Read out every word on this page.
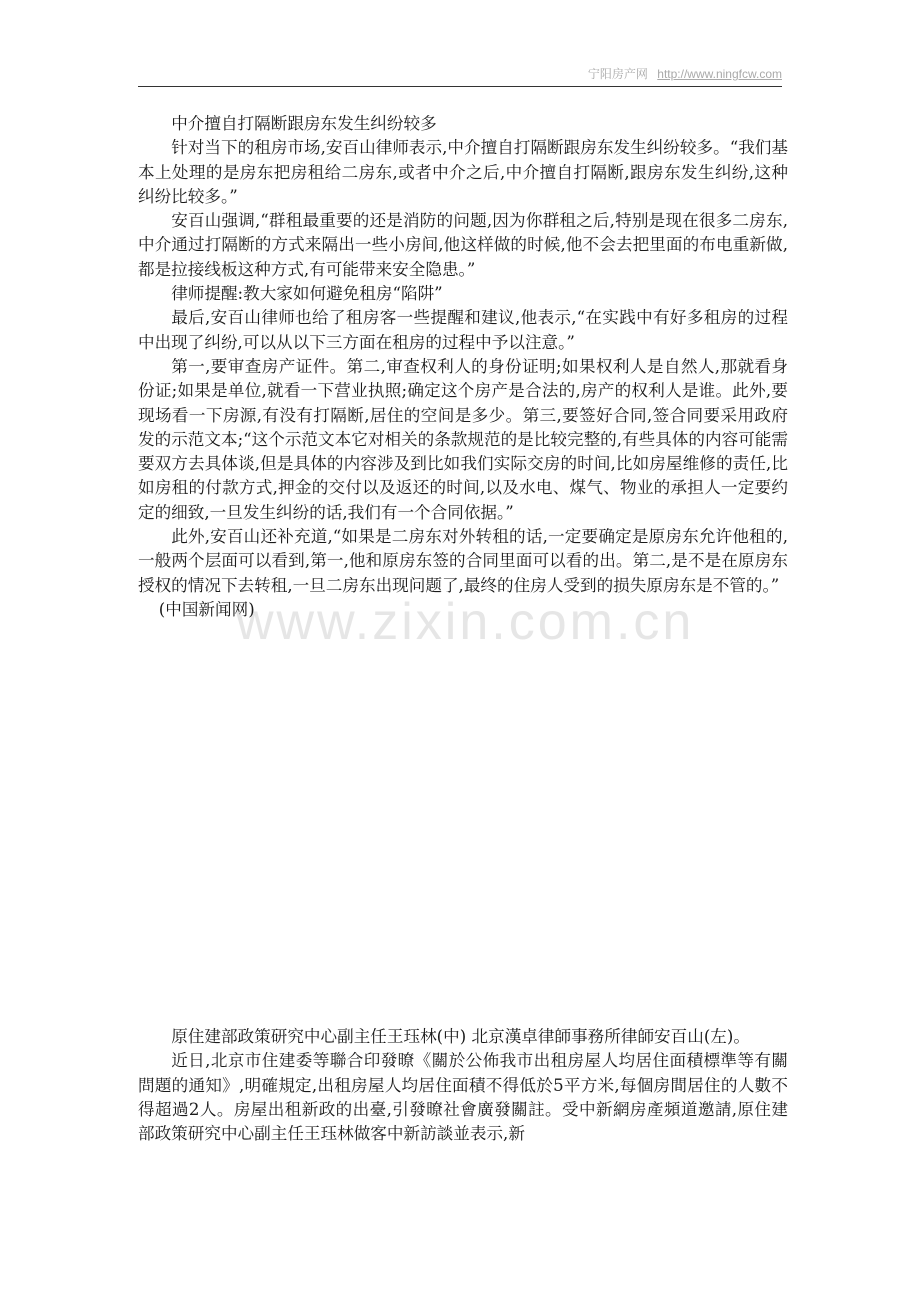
宁阳房产网 http://www.ningfcw.com
www.zixin.com.cn

中介擅自打隔断跟房东发生纠纷较多

针对当下的租房市场,安百山律师表示,中介擅自打隔断跟房东发生纠纷较多。“我们基本上处理的是房东把房租给二房东,或者中介之后,中介擅自打隔断,跟房东发生纠纷,这种纠纷比较多。”

安百山强调,“群租最重要的还是消防的问题,因为你群租之后,特别是现在很多二房东,中介通过打隔断的方式来隔出一些小房间,他这样做的时候,他不会去把里面的布电重新做,都是拉接线板这种方式,有可能带来安全隐患。”

律师提醒:教大家如何避免租房“陷阱”

最后,安百山律师也给了租房客一些提醒和建议,他表示,“在实践中有好多租房的过程中出现了纠纷,可以从以下三方面在租房的过程中予以注意。”

第一,要审查房产证件。第二,审查权利人的身份证明;如果权利人是自然人,那就看身份证;如果是单位,就看一下营业执照;确定这个房产是合法的,房产的权利人是谁。此外,要现场看一下房源,有没有打隔断,居住的空间是多少。第三,要签好合同,签合同要采用政府发的示范文本;“这个示范文本它对相关的条款规范的是比较完整的,有些具体的内容可能需要双方去具体谈,但是具体的内容涉及到比如我们实际交房的时间,比如房屋维修的责任,比如房租的付款方式,押金的交付以及返还的时间,以及水电、煤气、物业的承担人一定要约定的细致,一旦发生纠纷的话,我们有一个合同依据。”

此外,安百山还补充道,“如果是二房东对外转租的话,一定要确定是原房东允许他租的,一般两个层面可以看到,第一,他和原房东签的合同里面可以看的出。第二,是不是在原房东授权的情况下去转租,一旦二房东出现问题了,最终的住房人受到的损失原房东是不管的。”

(中国新闻网)

原住建部政策研究中心副主任王珏林(中) 北京漢卓律師事務所律師安百山(左)。

近日,北京市住建委等聯合印發暸《關於公佈我市出租房屋人均居住面積標準等有關問題的通知》,明確規定,出租房屋人均居住面積不得低於5平方米,每個房間居住的人數不得超過2人。房屋出租新政的出臺,引發暸社會廣發關註。受中新網房產頻道邀請,原住建部政策研究中心副主任王珏林做客中新訪談並表示,新
